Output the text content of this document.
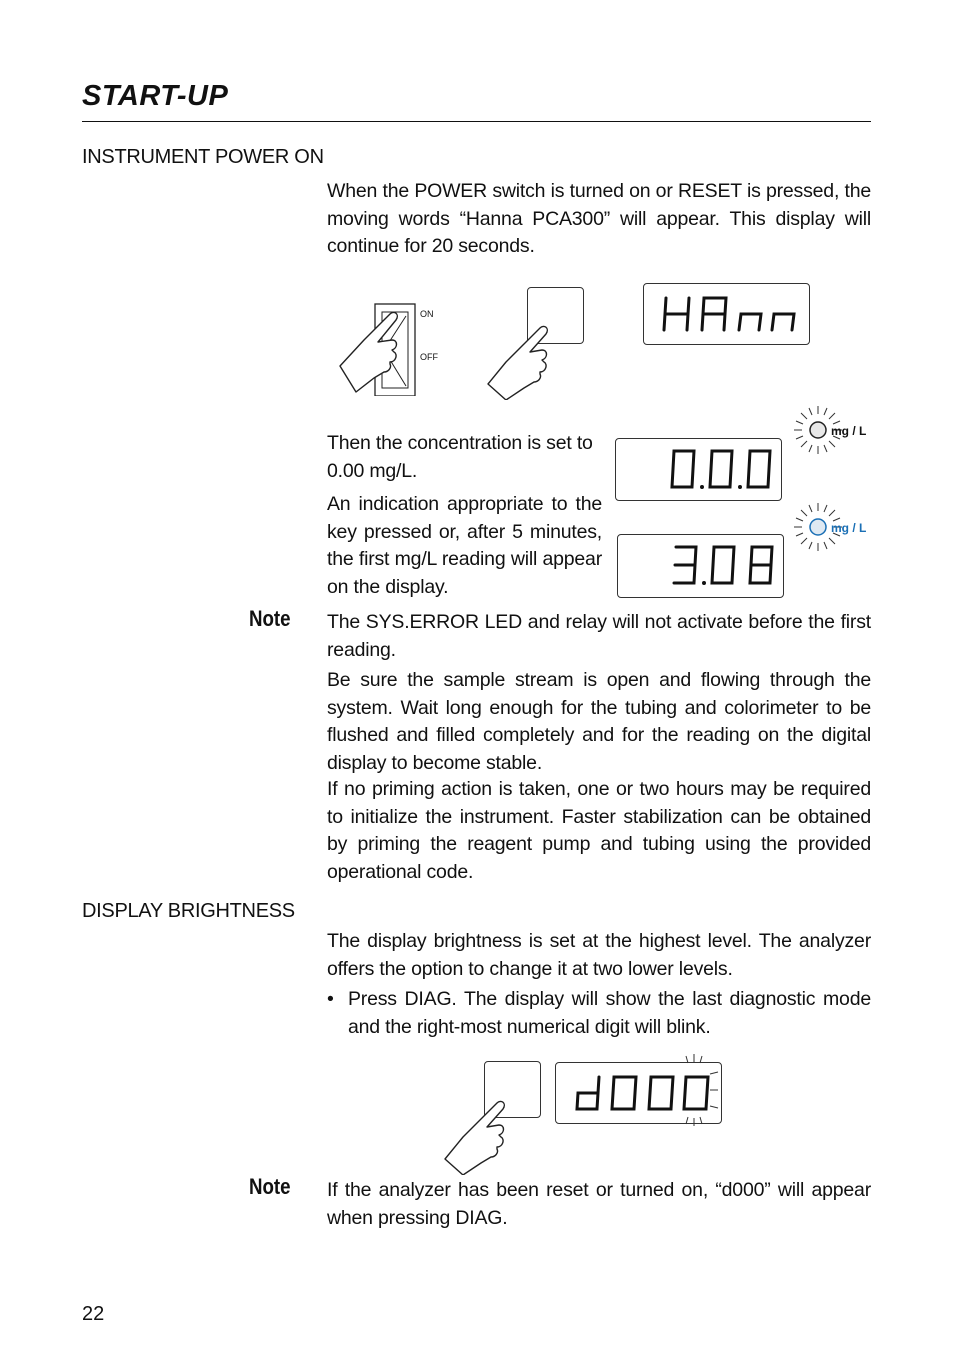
START-UP
INSTRUMENT POWER ON
When the POWER switch is turned on or RESET is pressed, the moving words “Hanna PCA300” will appear. This display will continue for 20 seconds.
ON
OFF
Then the concentration is set to 0.00 mg/L.
An indication appropriate to the key pressed or, after 5 minutes, the first mg/L reading will appear on the display.
mg / L
mg / L
Note The SYS.ERROR LED and relay will not activate before the first reading.
Be sure the sample stream is open and flowing through the system. Wait long enough for the tubing and colorimeter to be flushed and filled completely and for the reading on the digital display to become stable.
If no priming action is taken, one or two hours may be required to initialize the instrument. Faster stabilization can be obtained by priming the reagent pump and tubing using the provided operational code.
DISPLAY BRIGHTNESS
The display brightness is set at the highest level. The analyzer offers the option to change it at two lower levels.
• Press DIAG. The display will show the last diagnostic mode and the right-most numerical digit will blink.
Note If the analyzer has been reset or turned on, “d000” will appear when pressing DIAG.
22
